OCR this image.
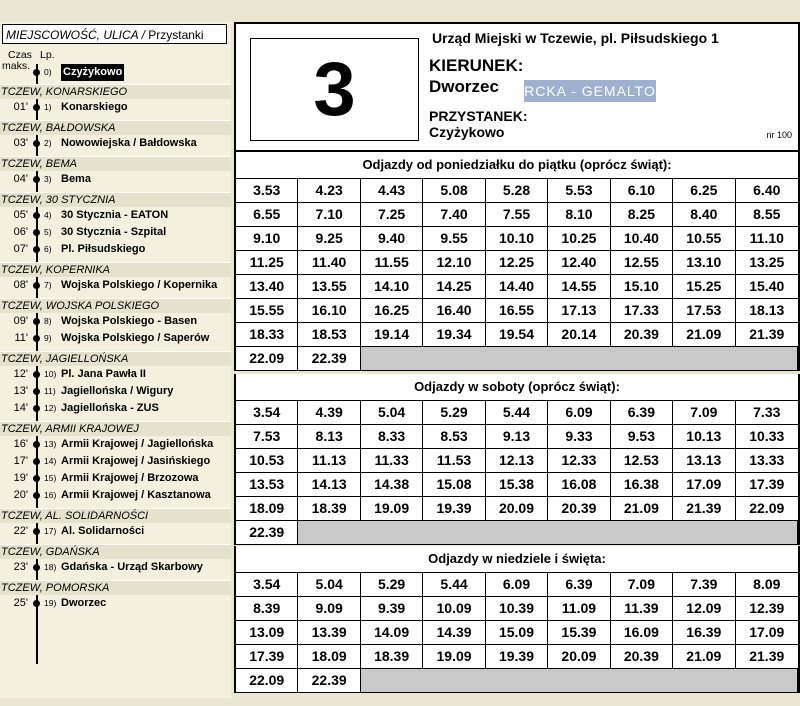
MIEJSCOWOŚĆ, ULICA / Przystanki
Czas
maks.
Lp.
0) Czyżykowo
TCZEW, KONARSKIEGO
01' 1) Konarskiego
TCZEW, BAŁDOWSKA
03' 2) Nowowiejska / Bałdowska
TCZEW, BEMA
04' 3) Bema
TCZEW, 30 STYCZNIA
05' 4) 30 Stycznia - EATON
06' 5) 30 Stycznia - Szpital
07' 6) Pl. Piłsudskiego
TCZEW, KOPERNIKA
08' 7) Wojska Polskiego / Kopernika
TCZEW, WOJSKA POLSKIEGO
09' 8) Wojska Polskiego - Basen
11' 9) Wojska Polskiego / Saperów
TCZEW, JAGIELLOŃSKA
12' 10) Pl. Jana Pawła II
13' 11) Jagiellońska / Wigury
14' 12) Jagiellońska - ZUS
TCZEW, ARMII KRAJOWEJ
16' 13) Armii Krajowej / Jagiellońska
17' 14) Armii Krajowej / Jasińskiego
19' 15) Armii Krajowej / Brzozowa
20' 16) Armii Krajowej / Kasztanowa
TCZEW, AL. SOLIDARNOŚCI
22' 17) Al. Solidarności
TCZEW, GDAŃSKA
23' 18) Gdańska - Urząd Skarbowy
TCZEW, POMORSKA
25' 19) Dworzec
Urząd Miejski w Tczewie, pl. Piłsudskiego 1
3	KIERUNEK:
Dworzec RCKA - GEMALTO
PRZYSTANEK:
Czyżykowo	nr 100
Odjazdy od poniedziałku do piątku (oprócz świąt):
3.53	4.23	4.43	5.08	5.28	5.53	6.10	6.25	6.40
6.55	7.10	7.25	7.40	7.55	8.10	8.25	8.40	8.55
9.10	9.25	9.40	9.55	10.10	10.25	10.40	10.55	11.10
11.25	11.40	11.55	12.10	12.25	12.40	12.55	13.10	13.25
13.40	13.55	14.10	14.25	14.40	14.55	15.10	15.25	15.40
15.55	16.10	16.25	16.40	16.55	17.13	17.33	17.53	18.13
18.33	18.53	19.14	19.34	19.54	20.14	20.39	21.09	21.39
22.09	22.39
Odjazdy w soboty (oprócz świąt):
3.54	4.39	5.04	5.29	5.44	6.09	6.39	7.09	7.33
7.53	8.13	8.33	8.53	9.13	9.33	9.53	10.13	10.33
10.53	11.13	11.33	11.53	12.13	12.33	12.53	13.13	13.33
13.53	14.13	14.38	15.08	15.38	16.08	16.38	17.09	17.39
18.09	18.39	19.09	19.39	20.09	20.39	21.09	21.39	22.09
22.39
Odjazdy w niedziele i święta:
3.54	5.04	5.29	5.44	6.09	6.39	7.09	7.39	8.09
8.39	9.09	9.39	10.09	10.39	11.09	11.39	12.09	12.39
13.09	13.39	14.09	14.39	15.09	15.39	16.09	16.39	17.09
17.39	18.09	18.39	19.09	19.39	20.09	20.39	21.09	21.39
22.09	22.39
